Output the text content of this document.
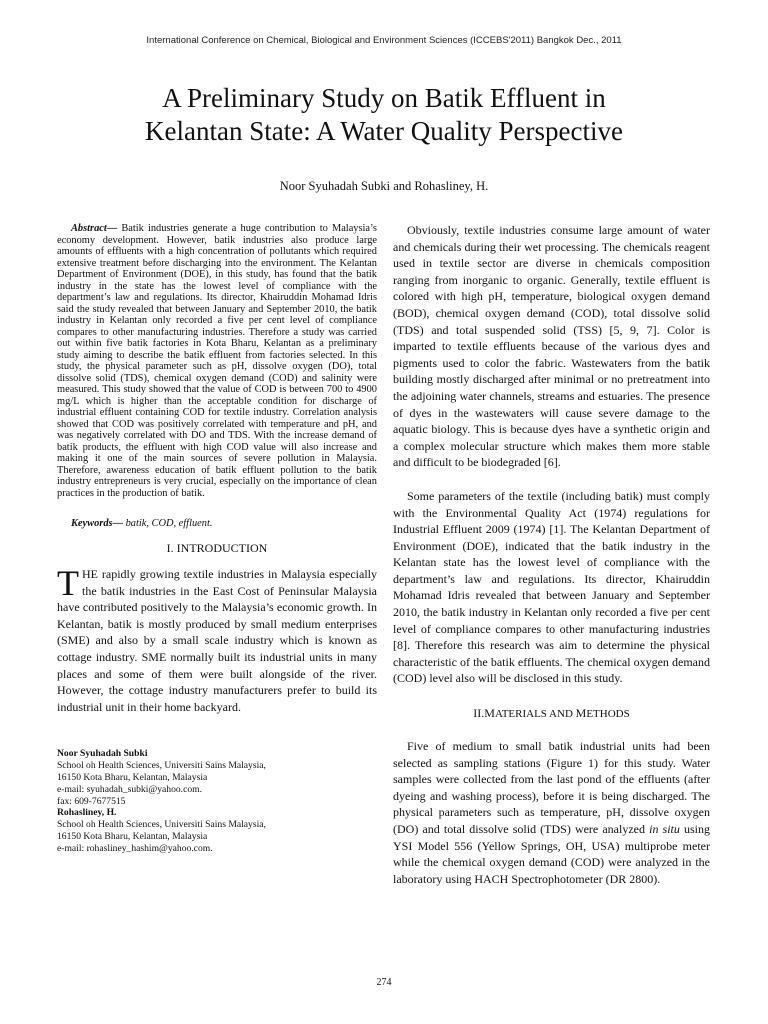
International Conference on Chemical, Biological and Environment Sciences (ICCEBS'2011) Bangkok Dec., 2011
A Preliminary Study on Batik Effluent in
Kelantan State: A Water Quality Perspective
Noor Syuhadah Subki and Rohasliney, H.

Abstract— Batik industries generate a huge contribution to Malaysia’s economy development. However, batik industries also produce large amounts of effluents with a high concentration of pollutants which required extensive treatment before discharging into the environment. The Kelantan Department of Environment (DOE), in this study, has found that the batik industry in the state has the lowest level of compliance with the department’s law and regulations. Its director, Khairuddin Mohamad Idris said the study revealed that between January and September 2010, the batik industry in Kelantan only recorded a five per cent level of compliance compares to other manufacturing industries. Therefore a study was carried out within five batik factories in Kota Bharu, Kelantan as a preliminary study aiming to describe the batik effluent from factories selected. In this study, the physical parameter such as pH, dissolve oxygen (DO), total dissolve solid (TDS), chemical oxygen demand (COD) and salinity were measured. This study showed that the value of COD is between 700 to 4900 mg/L which is higher than the acceptable condition for discharge of industrial effluent containing COD for textile industry. Correlation analysis showed that COD was positively correlated with temperature and pH, and was negatively correlated with DO and TDS. With the increase demand of batik products, the effluent with high COD value will also increase and making it one of the main sources of severe pollution in Malaysia. Therefore, awareness education of batik effluent pollution to the batik industry entrepreneurs is very crucial, especially on the importance of clean practices in the production of batik.

Keywords— batik, COD, effluent.

I. INTRODUCTION

THE rapidly growing textile industries in Malaysia especially the batik industries in the East Cost of Peninsular Malaysia have contributed positively to the Malaysia’s economic growth. In Kelantan, batik is mostly produced by small medium enterprises (SME) and also by a small scale industry which is known as cottage industry. SME normally built its industrial units in many places and some of them were built alongside of the river. However, the cottage industry manufacturers prefer to build its industrial unit in their home backyard.

Noor Syuhadah Subki
School oh Health Sciences, Universiti Sains Malaysia,
16150 Kota Bharu, Kelantan, Malaysia
e-mail: syuhadah_subki@yahoo.com.
fax: 609-7677515
Rohasliney, H.
School oh Health Sciences, Universiti Sains Malaysia,
16150 Kota Bharu, Kelantan, Malaysia
e-mail: rohasliney_hashim@yahoo.com.

Obviously, textile industries consume large amount of water and chemicals during their wet processing. The chemicals reagent used in textile sector are diverse in chemicals composition ranging from inorganic to organic. Generally, textile effluent is colored with high pH, temperature, biological oxygen demand (BOD), chemical oxygen demand (COD), total dissolve solid (TDS) and total suspended solid (TSS) [5, 9, 7]. Color is imparted to textile effluents because of the various dyes and pigments used to color the fabric. Wastewaters from the batik building mostly discharged after minimal or no pretreatment into the adjoining water channels, streams and estuaries. The presence of dyes in the wastewaters will cause severe damage to the aquatic biology. This is because dyes have a synthetic origin and a complex molecular structure which makes them more stable and difficult to be biodegraded [6].

Some parameters of the textile (including batik) must comply with the Environmental Quality Act (1974) regulations for Industrial Effluent 2009 (1974) [1]. The Kelantan Department of Environment (DOE), indicated that the batik industry in the Kelantan state has the lowest level of compliance with the department’s law and regulations. Its director, Khairuddin Mohamad Idris revealed that between January and September 2010, the batik industry in Kelantan only recorded a five per cent level of compliance compares to other manufacturing industries [8]. Therefore this research was aim to determine the physical characteristic of the batik effluents. The chemical oxygen demand (COD) level also will be disclosed in this study.

II.MATERIALS AND METHODS

Five of medium to small batik industrial units had been selected as sampling stations (Figure 1) for this study. Water samples were collected from the last pond of the effluents (after dyeing and washing process), before it is being discharged. The physical parameters such as temperature, pH, dissolve oxygen (DO) and total dissolve solid (TDS) were analyzed in situ using YSI Model 556 (Yellow Springs, OH, USA) multiprobe meter while the chemical oxygen demand (COD) were analyzed in the laboratory using HACH Spectrophotometer (DR 2800).

274
